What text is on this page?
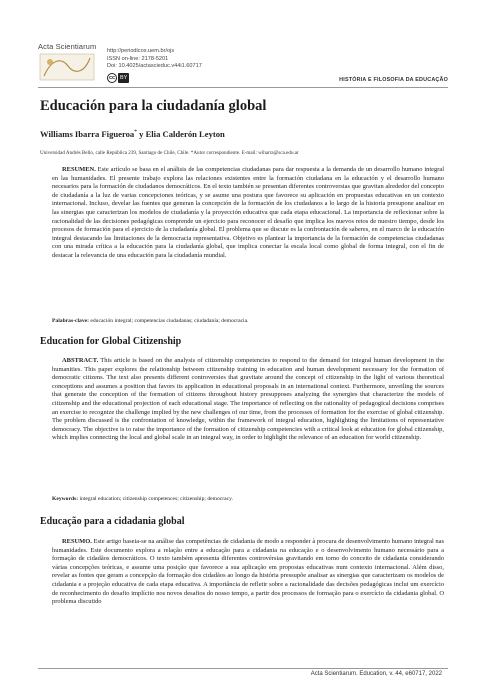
Acta Scientiarum http://periodicos.uem.br/ojs
ISSN on-line: 2178-5201
Doi: 10.4025/actascieduc.v44i1.60717
cc BY	HISTÓRIA E FILOSOFIA DA EDUCAÇÃO
Educación para la ciudadanía global
Williams Ibarra Figueroa* y Elia Calderón Leyton
Universidad Andrés Bello, calle República 239, Santiago de Chile, Chile. *Autor correspondiente. E-mail: wiharra@sca.edu.ar
RESUMEN. Este artículo se basa en el análisis de las competencias ciudadanas para dar respuesta a la demanda de un desarrollo humano integral en las humanidades. El presente trabajo explora las relaciones existentes entre la formación ciudadana en la educación y el desarrollo humano necesarios para la formación de ciudadanos democráticos. En el texto también se presentan diferentes controversias que gravitan alrededor del concepto de ciudadanía a la luz de varias concepciones teóricas, y se asume una postura que favorece su aplicación en propuestas educativas en un contexto internacional. Incluso, develar las fuentes que generan la concepción de la formación de los ciudadanos a lo largo de la historia presupone analizar en las sinergias que caracterizan los modelos de ciudadanía y la proyección educativa que cada etapa educacional. La importancia de reflexionar sobre la racionalidad de las decisiones pedagógicas comprende un ejercicio para reconocer el desafío que implica los nuevos retos de nuestro tiempo, desde los procesos de formación para el ejercicio de la ciudadanía global. El problema que se discute es la confrontación de saberes, en el marco de la educación integral destacando las limitaciones de la democracia representativa. Objetivo es plantear la importancia de la formación de competencias ciudadanas con una mirada crítica a la educación para la ciudadanía global, que implica conectar la escala local como global de forma integral, con el fin de destacar la relevancia de una educación para la ciudadanía mundial.
Palabras-clave: educación integral; competencias ciudadanas; ciudadanía; democracia.
Education for Global Citizenship
ABSTRACT. This article is based on the analysis of citizenship competencies to respond to the demand for integral human development in the humanities. This paper explores the relationship between citizenship training in education and human development necessary for the formation of democratic citizens. The text also presents different controversies that gravitate around the concept of citizenship in the light of various theoretical conceptions and assumes a position that favors its application in educational proposals in an international context. Furthermore, unveiling the sources that generate the conception of the formation of citizens throughout history presupposes analyzing the synergies that characterize the models of citizenship and the educational projection of each educational stage. The importance of reflecting on the rationality of pedagogical decisions comprises an exercise to recognize the challenge implied by the new challenges of our time, from the processes of formation for the exercise of global citizenship. The problem discussed is the confrontation of knowledge, within the framework of integral education, highlighting the limitations of representative democracy. The objective is to raise the importance of the formation of citizenship competencies with a critical look at education for global citizenship, which implies connecting the local and global scale in an integral way, in order to highlight the relevance of an education for world citizenship.
Keywords: integral education; citizenship competences; citizenship; democracy.
Educação para a cidadania global
RESUMO. Este artigo baseia-se na análise das competências de cidadania de modo a responder à procura de desenvolvimento humano integral nas humanidades. Este documento explora a relação entre a educação para a cidadania na educação e o desenvolvimento humano necessário para a formação de cidadãos democráticos. O texto também apresenta diferentes controvérsias gravitando em torno do conceito de cidadania considerando várias concepções teóricas, e assume uma posição que favorece a sua aplicação em propostas educativas num contexto internacional. Além disso, revelar as fontes que geram a concepção da formação dos cidadãos ao longo da história pressupõe analisar as sinergias que caracterizam os modelos de cidadania e a projeção educativa de cada etapa educativa. A importância de refletir sobre a racionalidade das decisões pedagógicas inclui um exercício de reconhecimento do desafio implícito nos novos desafios do nosso tempo, a partir dos processos de formação para o exercício da cidadania global. O problema discutido
Acta Scientiarum. Education, v. 44, e60717, 2022
